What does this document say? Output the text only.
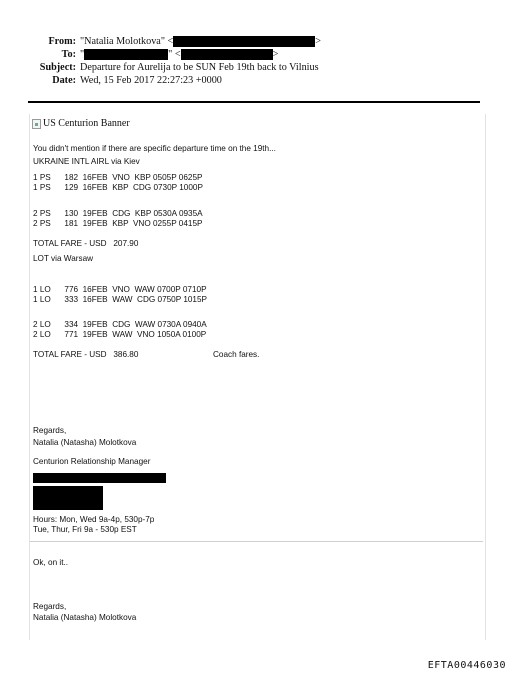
From: "Natalia Molotkova" <	>
To: "	" <	>
Subject: Departure for Aurelija to be SUN Feb 19th back to Vilnius
Date: Wed, 15 Feb 2017 22:27:23 +0000
US Centurion Banner
You didn't mention if there are specific departure time on the 19th...
UKRAINE INTL AIRL via Kiev
1 PS      182  16FEB  VNO  KBP 0505P 0625P
1 PS      129  16FEB  KBP  CDG 0730P 1000P
2 PS      130  19FEB  CDG  KBP 0530A 0935A
2 PS      181  19FEB  KBP  VNO 0255P 0415P
TOTAL FARE - USD   207.90
LOT via Warsaw
1 LO      776  16FEB  VNO  WAW 0700P 0710P
1 LO      333  16FEB  WAW  CDG 0750P 1015P
2 LO      334  19FEB  CDG  WAW 0730A 0940A
2 LO      771  19FEB  WAW  VNO 1050A 0100P
TOTAL FARE - USD   386.80	Coach fares.
Regards,
Natalia (Natasha) Molotkova
Centurion Relationship Manager
Hours: Mon, Wed 9a-4p, 530p-7p
Tue, Thur, Fri 9a - 530p EST
Ok, on it..
Regards,
Natalia (Natasha) Molotkova
EFTA00446030
